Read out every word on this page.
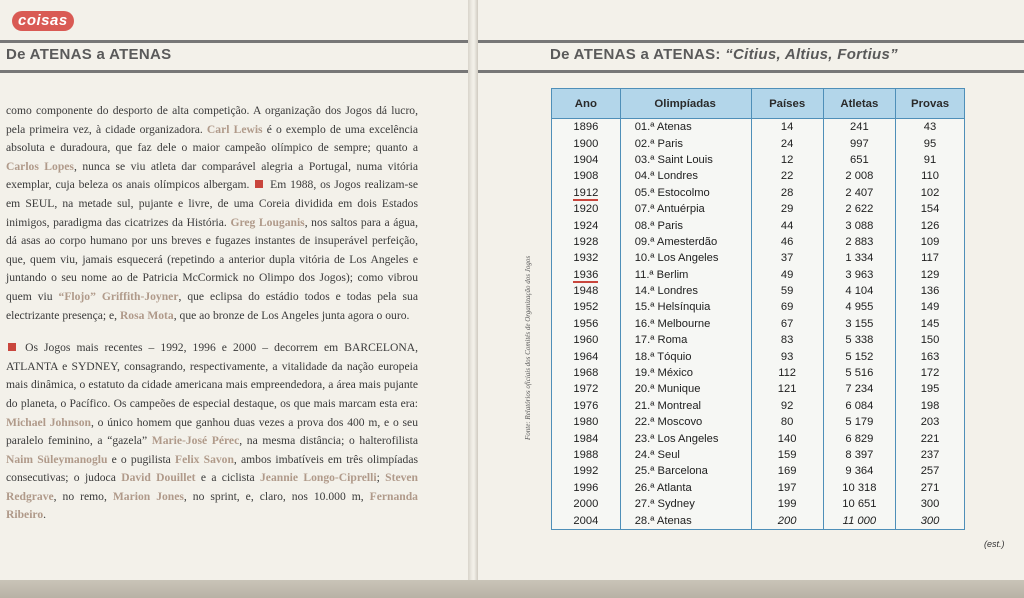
coisas
De ATENAS a ATENAS	De ATENAS a ATENAS: “Citius, Altius, Fortius”

como componente do desporto de alta competição. A organização dos Jogos dá lucro, pela primeira vez, à cidade organizadora. Carl Lewis é o exemplo de uma excelência absoluta e duradoura, que faz dele o maior campeão olímpico de sempre; quanto a Carlos Lopes, nunca se viu atleta dar comparável alegria a Portugal, numa vitória exemplar, cuja beleza os anais olímpicos albergam.  Em 1988, os Jogos realizam-se em SEUL, na metade sul, pujante e livre, de uma Coreia dividida em dois Estados inimigos, paradigma das cicatrizes da História. Greg Louganis, nos saltos para a água, dá asas ao corpo humano por uns breves e fugazes instantes de insuperável perfeição, que, quem viu, jamais esquecerá (repetindo a anterior dupla vitória de Los Angeles e juntando o seu nome ao de Patricia McCormick no Olimpo dos Jogos); como vibrou quem viu “Flojo” Griffith-Joyner, que eclipsa do estádio todos e todas pela sua electrizante presença; e, Rosa Mota, que ao bronze de Los Angeles junta agora o ouro.

Os Jogos mais recentes – 1992, 1996 e 2000 – decorrem em BARCELONA, ATLANTA e SYDNEY, consagrando, respectivamente, a vitalidade da nação europeia mais dinâmica, o estatuto da cidade americana mais empreendedora, a área mais pujante do planeta, o Pacífico. Os campeões de especial destaque, os que mais marcam esta era: Michael Johnson, o único homem que ganhou duas vezes a prova dos 400 m, e o seu paralelo feminino, a “gazela” Marie-José Pérec, na mesma distância; o halterofilista Naim Süleymanoglu e o pugilista Felix Savon, ambos imbatíveis em três olimpíadas consecutivas; o judoca David Douillet e a ciclista Jeannie Longo-Ciprelli; Steven Redgrave, no remo, Marion Jones, no sprint, e, claro, nos 10.000 m, Fernanda Ribeiro.

Ano	Olimpíadas	Países	Atletas	Provas
1896	01.ª Atenas	14	241	43
1900	02.ª Paris	24	997	95
1904	03.ª Saint Louis	12	651	91
1908	04.ª Londres	22	2 008	110
1912	05.ª Estocolmo	28	2 407	102
1920	07.ª Antuérpia	29	2 622	154
1924	08.ª Paris	44	3 088	126
1928	09.ª Amesterdão	46	2 883	109
1932	10.ª Los Angeles	37	1 334	117
1936	11.ª Berlim	49	3 963	129
1948	14.ª Londres	59	4 104	136
1952	15.ª Helsínquia	69	4 955	149
1956	16.ª Melbourne	67	3 155	145
1960	17.ª Roma	83	5 338	150
1964	18.ª Tóquio	93	5 152	163
1968	19.ª México	112	5 516	172
1972	20.ª Munique	121	7 234	195
1976	21.ª Montreal	92	6 084	198
1980	22.ª Moscovo	80	5 179	203
1984	23.ª Los Angeles	140	6 829	221
1988	24.ª Seul	159	8 397	237
1992	25.ª Barcelona	169	9 364	257
1996	26.ª Atlanta	197	10 318	271
2000	27.ª Sydney	199	10 651	300
2004	28.ª Atenas	200	11 000	300
(est.)
